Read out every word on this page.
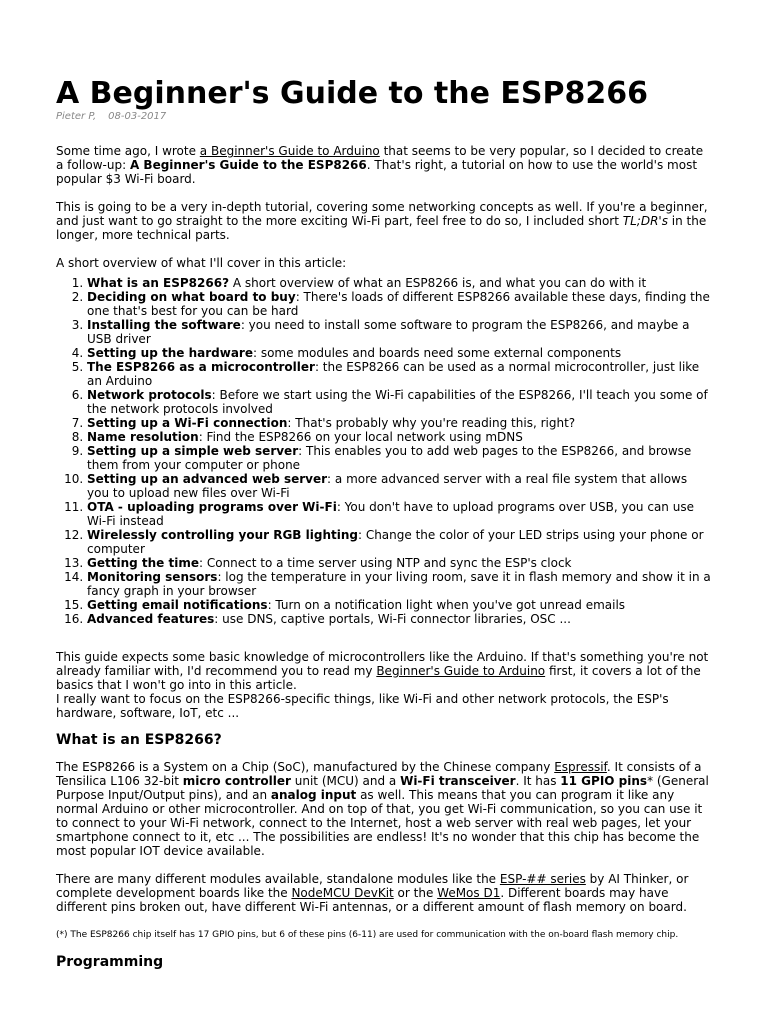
A Beginner's Guide to the ESP8266
Pieter P, 08-03-2017

Some time ago, I wrote a Beginner's Guide to Arduino that seems to be very popular, so I decided to create a follow-up: A Beginner's Guide to the ESP8266. That's right, a tutorial on how to use the world's most popular $3 Wi-Fi board.

This is going to be a very in-depth tutorial, covering some networking concepts as well. If you're a beginner, and just want to go straight to the more exciting Wi-Fi part, feel free to do so, I included short TL;DR's in the longer, more technical parts.

A short overview of what I'll cover in this article:

1. What is an ESP8266? A short overview of what an ESP8266 is, and what you can do with it
2. Deciding on what board to buy: There's loads of different ESP8266 available these days, finding the one that's best for you can be hard
3. Installing the software: you need to install some software to program the ESP8266, and maybe a USB driver
4. Setting up the hardware: some modules and boards need some external components
5. The ESP8266 as a microcontroller: the ESP8266 can be used as a normal microcontroller, just like an Arduino
6. Network protocols: Before we start using the Wi-Fi capabilities of the ESP8266, I'll teach you some of the network protocols involved
7. Setting up a Wi-Fi connection: That's probably why you're reading this, right?
8. Name resolution: Find the ESP8266 on your local network using mDNS
9. Setting up a simple web server: This enables you to add web pages to the ESP8266, and browse them from your computer or phone
10. Setting up an advanced web server: a more advanced server with a real file system that allows you to upload new files over Wi-Fi
11. OTA - uploading programs over Wi-Fi: You don't have to upload programs over USB, you can use Wi-Fi instead
12. Wirelessly controlling your RGB lighting: Change the color of your LED strips using your phone or computer
13. Getting the time: Connect to a time server using NTP and sync the ESP's clock
14. Monitoring sensors: log the temperature in your living room, save it in flash memory and show it in a fancy graph in your browser
15. Getting email notifications: Turn on a notification light when you've got unread emails
16. Advanced features: use DNS, captive portals, Wi-Fi connector libraries, OSC ...

This guide expects some basic knowledge of microcontrollers like the Arduino. If that's something you're not already familiar with, I'd recommend you to read my Beginner's Guide to Arduino first, it covers a lot of the basics that I won't go into in this article.

I really want to focus on the ESP8266-specific things, like Wi-Fi and other network protocols, the ESP's hardware, software, IoT, etc ...

What is an ESP8266?

The ESP8266 is a System on a Chip (SoC), manufactured by the Chinese company Espressif. It consists of a Tensilica L106 32-bit micro controller unit (MCU) and a Wi-Fi transceiver. It has 11 GPIO pins* (General Purpose Input/Output pins), and an analog input as well. This means that you can program it like any normal Arduino or other microcontroller. And on top of that, you get Wi-Fi communication, so you can use it to connect to your Wi-Fi network, connect to the Internet, host a web server with real web pages, let your smartphone connect to it, etc ... The possibilities are endless! It's no wonder that this chip has become the most popular IOT device available.

There are many different modules available, standalone modules like the ESP-## series by AI Thinker, or complete development boards like the NodeMCU DevKit or the WeMos D1. Different boards may have different pins broken out, have different Wi-Fi antennas, or a different amount of flash memory on board.

(*) The ESP8266 chip itself has 17 GPIO pins, but 6 of these pins (6-11) are used for communication with the on-board flash memory chip.

Programming
